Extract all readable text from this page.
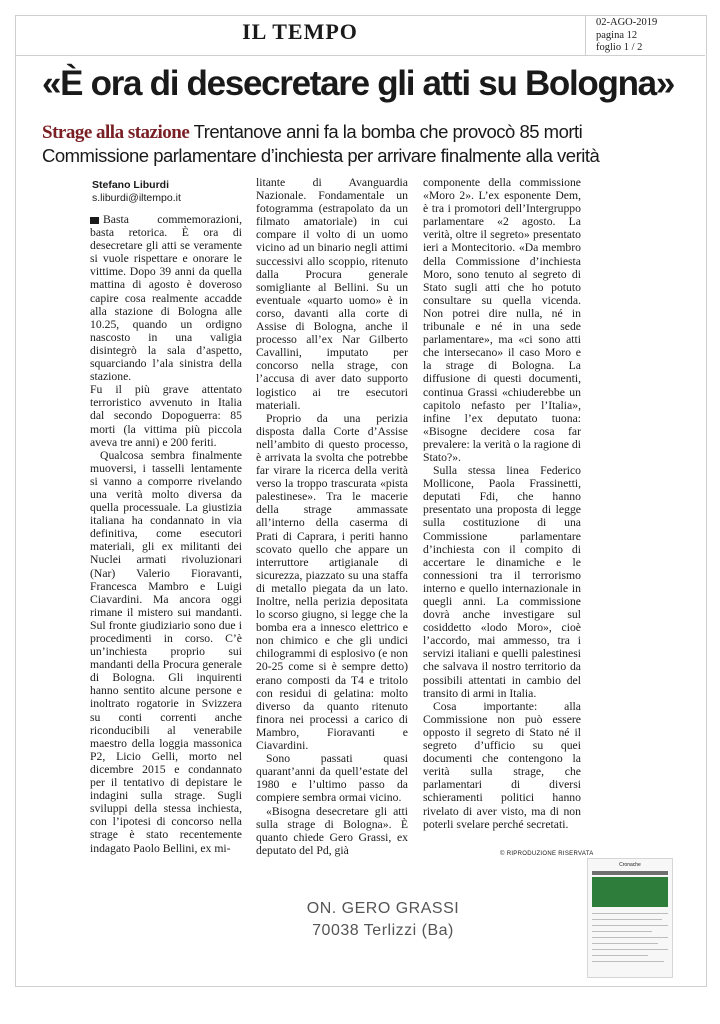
IL TEMPO	02-AGO-2019
pagina 12
foglio 1 / 2
«È ora di desecretare gli atti su Bologna»
Strage alla stazione Trentanove anni fa la bomba che provocò 85 morti
Commissione parlamentare d’inchiesta per arrivare finalmente alla verità
Stefano Liburdi
s.liburdi@iltempo.it

Basta commemorazioni, basta retorica. È ora di desecretare gli atti se veramente si vuole rispettare e onorare le vittime. Dopo 39 anni da quella mattina di agosto è doveroso capire cosa realmente accadde alla stazione di Bologna alle 10.25, quando un ordigno nascosto in una valigia disintegrò la sala d’aspetto, squarciando l’ala sinistra della stazione.

Fu il più grave attentato terroristico avvenuto in Italia dal secondo Dopoguerra: 85 morti (la vittima più piccola aveva tre anni) e 200 feriti.

Qualcosa sembra finalmente muoversi, i tasselli lentamente si vanno a comporre rivelando una verità molto diversa da quella processuale. La giustizia italiana ha condannato in via definitiva, come esecutori materiali, gli ex militanti dei Nuclei armati rivoluzionari (Nar) Valerio Fioravanti, Francesca Mambro e Luigi Ciavardini. Ma ancora oggi rimane il mistero sui mandanti. Sul fronte giudiziario sono due i procedimenti in corso. C’è un’inchiesta proprio sui mandanti della Procura generale di Bologna. Gli inquirenti hanno sentito alcune persone e inoltrato rogatorie in Svizzera su conti correnti anche riconducibili al venerabile maestro della loggia massonica P2, Licio Gelli, morto nel dicembre 2015 e condannato per il tentativo di depistare le indagini sulla strage. Sugli sviluppi della stessa inchiesta, con l’ipotesi di concorso nella strage è stato recentemente indagato Paolo Bellini, ex mi-

litante di Avanguardia Nazionale. Fondamentale un fotogramma (estrapolato da un filmato amatoriale) in cui compare il volto di un uomo vicino ad un binario negli attimi successivi allo scoppio, ritenuto dalla Procura generale somigliante al Bellini. Su un eventuale «quarto uomo» è in corso, davanti alla corte di Assise di Bologna, anche il processo all’ex Nar Gilberto Cavallini, imputato per concorso nella strage, con l’accusa di aver dato supporto logistico ai tre esecutori materiali.

Proprio da una perizia disposta dalla Corte d’Assise nell’ambito di questo processo, è arrivata la svolta che potrebbe far virare la ricerca della verità verso la troppo trascurata «pista palestinese». Tra le macerie della strage ammassate all’interno della caserma di Prati di Caprara, i periti hanno scovato quello che appare un interruttore artigianale di sicurezza, piazzato su una staffa di metallo piegata da un lato. Inoltre, nella perizia depositata lo scorso giugno, si legge che la bomba era a innesco elettrico e non chimico e che gli undici chilogrammi di esplosivo (e non 20-25 come si è sempre detto) erano composti da T4 e tritolo con residui di gelatina: molto diverso da quanto ritenuto finora nei processi a carico di Mambro, Fioravanti e Ciavardini.

Sono passati quasi quarant’anni da quell’estate del 1980 e l’ultimo passo da compiere sembra ormai vicino.

«Bisogna desecretare gli atti sulla strage di Bologna». È quanto chiede Gero Grassi, ex deputato del Pd, già

componente della commissione «Moro 2». L’ex esponente Dem, è tra i promotori dell’Intergruppo parlamentare «2 agosto. La verità, oltre il segreto» presentato ieri a Montecitorio. «Da membro della Commissione d’inchiesta Moro, sono tenuto al segreto di Stato sugli atti che ho potuto consultare su quella vicenda. Non potrei dire nulla, né in tribunale e né in una sede parlamentare», ma «ci sono atti che intersecano» il caso Moro e la strage di Bologna. La diffusione di questi documenti, continua Grassi «chiuderebbe un capitolo nefasto per l’Italia», infine l’ex deputato tuona: «Bisogne decidere cosa far prevalere: la verità o la ragione di Stato?».

Sulla stessa linea Federico Mollicone, Paola Frassinetti, deputati Fdi, che hanno presentato una proposta di legge sulla costituzione di una Commissione parlamentare d’inchiesta con il compito di accertare le dinamiche e le connessioni tra il terrorismo interno e quello internazionale in quegli anni. La commissione dovrà anche investigare sul cosiddetto «lodo Moro», cioè l’accordo, mai ammesso, tra i servizi italiani e quelli palestinesi che salvava il nostro territorio da possibili attentati in cambio del transito di armi in Italia.

Cosa importante: alla Commissione non può essere opposto il segreto di Stato né il segreto d’ufficio su quei documenti che contengono la verità sulla strage, che parlamentari di diversi schieramenti politici hanno rivelato di aver visto, ma di non poterli svelare perché secretati.

© RIPRODUZIONE RISERVATA
Cronache
ON. GERO GRASSI
70038 Terlizzi (Ba)
